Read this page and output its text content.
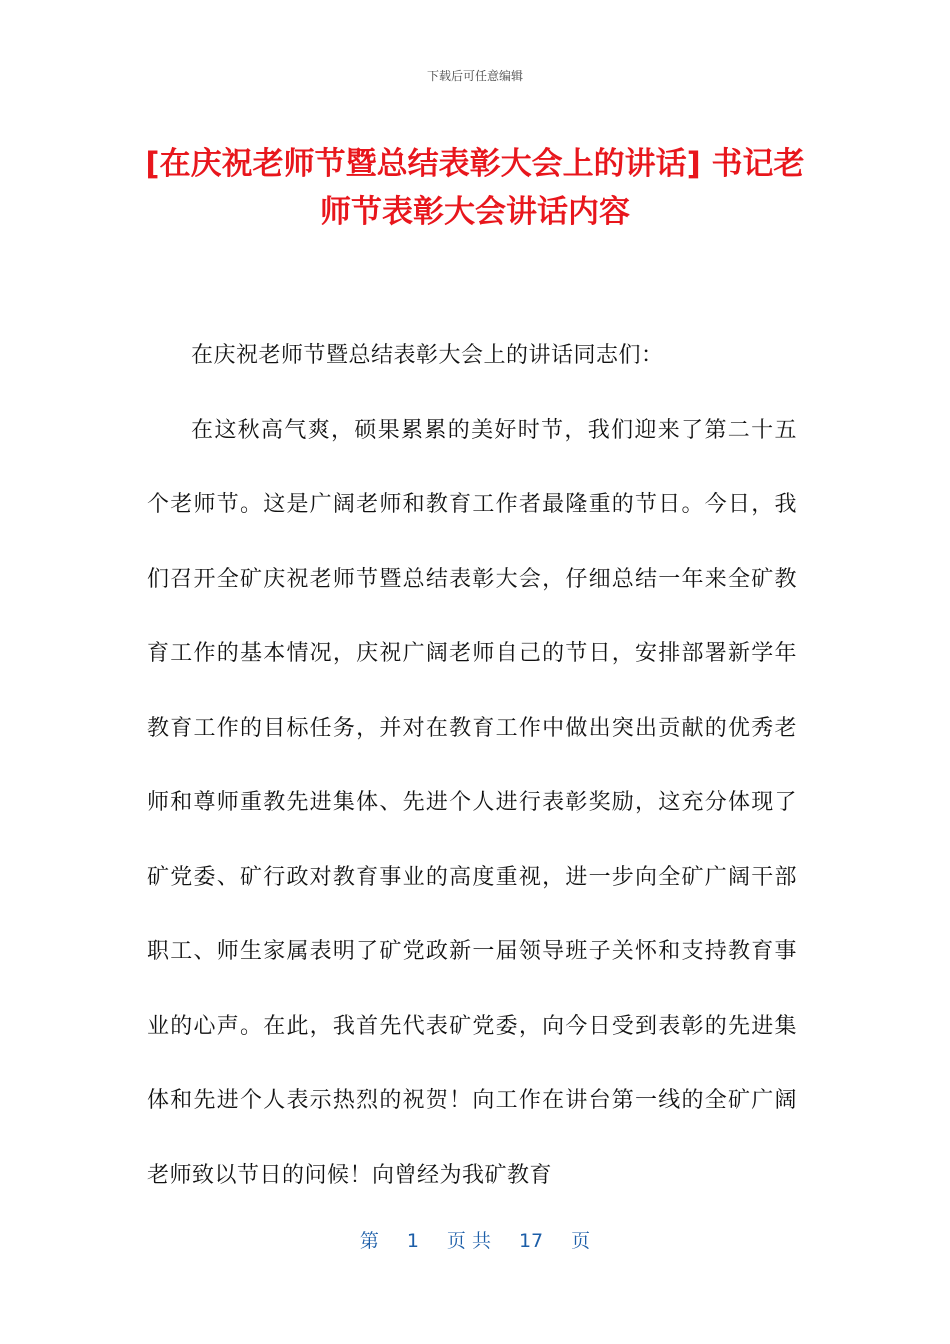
下载后可任意编辑
[在庆祝老师节暨总结表彰大会上的讲话] 书记老师节表彰大会讲话内容

在庆祝老师节暨总结表彰大会上的讲话同志们：

在这秋高气爽，硕果累累的美好时节，我们迎来了第二十五个老师节。这是广阔老师和教育工作者最隆重的节日。今日，我们召开全矿庆祝老师节暨总结表彰大会，仔细总结一年来全矿教育工作的基本情况，庆祝广阔老师自己的节日，安排部署新学年教育工作的目标任务，并对在教育工作中做出突出贡献的优秀老师和尊师重教先进集体、先进个人进行表彰奖励，这充分体现了矿党委、矿行政对教育事业的高度重视，进一步向全矿广阔干部职工、师生家属表明了矿党政新一届领导班子关怀和支持教育事业的心声。在此，我首先代表矿党委，向今日受到表彰的先进集体和先进个人表示热烈的祝贺！向工作在讲台第一线的全矿广阔老师致以节日的问候！向曾经为我矿教育

第 1 页 共 17 页
